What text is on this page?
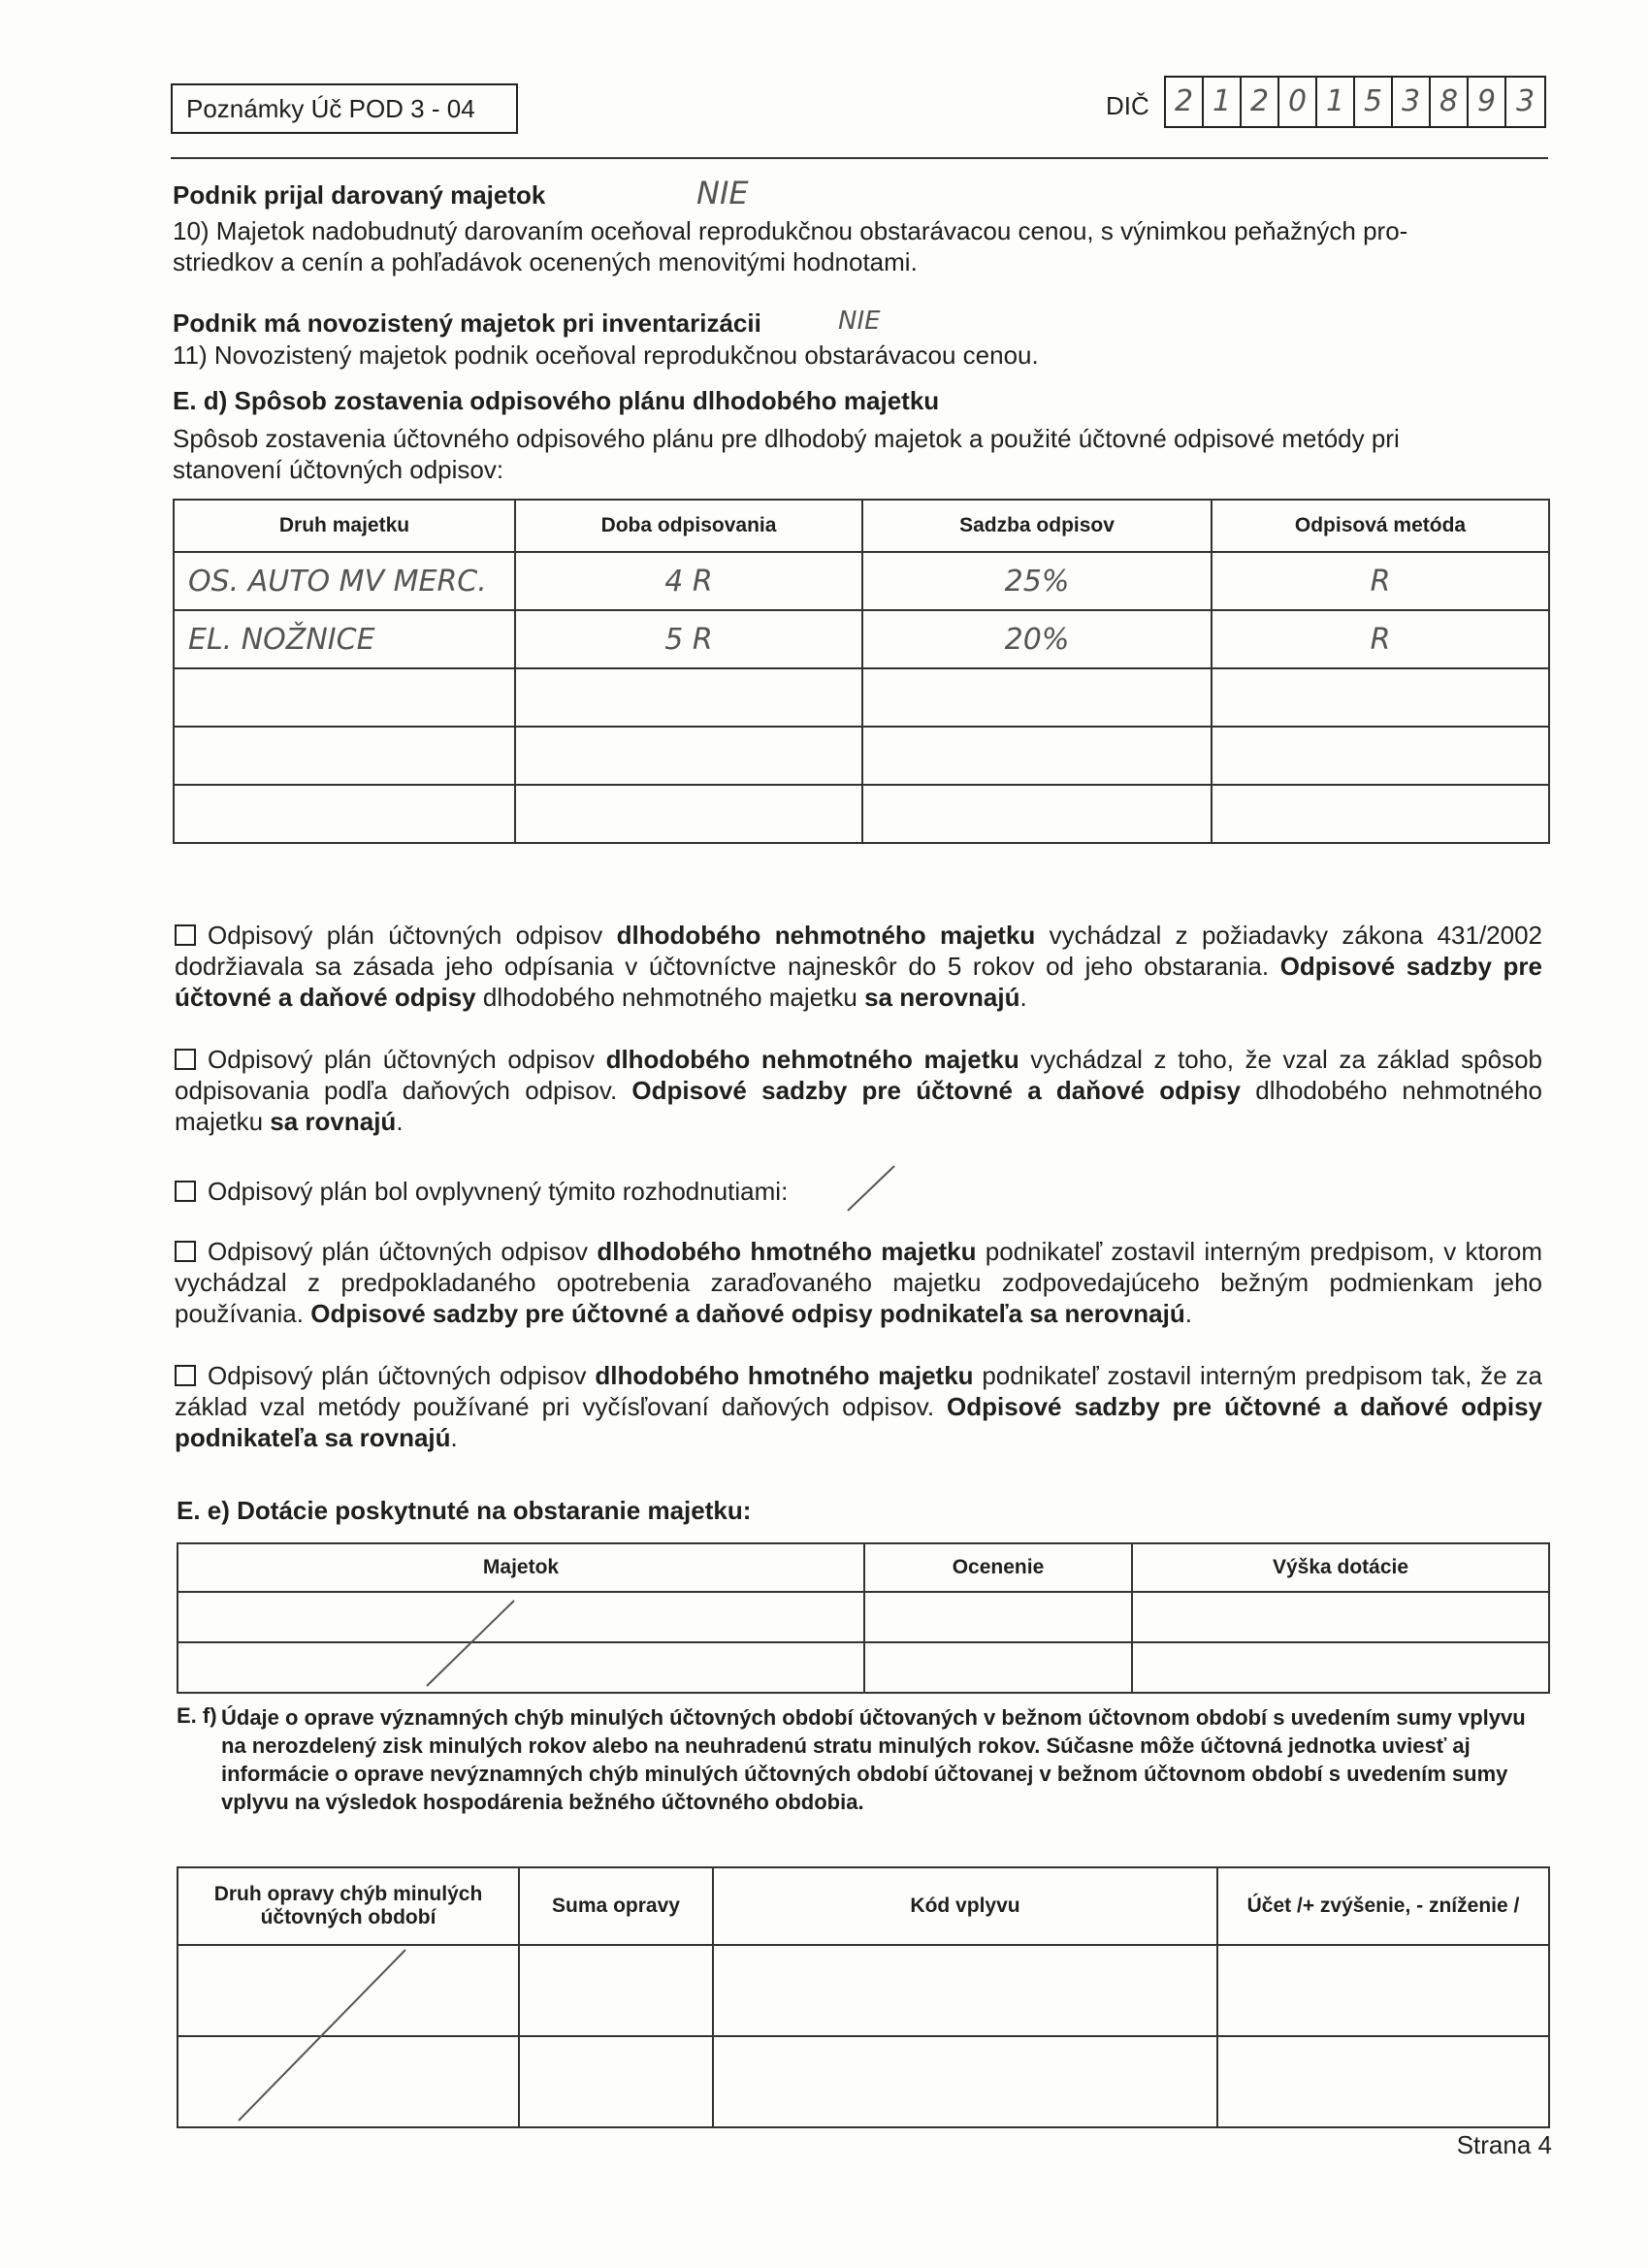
Poznámky Úč POD 3 - 04	DIČ 2 1 2 0 1 5 3 8 9 3
Podnik prijal darovaný majetok	NIE
10) Majetok nadobudnutý darovaním oceňoval reprodukčnou obstarávacou cenou, s výnimkou peňažných pro-striedkov a cenín a pohľadávok ocenených menovitými hodnotami.
Podnik má novozistený majetok pri inventarizácii	NIE
11) Novozistený majetok podnik oceňoval reprodukčnou obstarávacou cenou.
E. d) Spôsob zostavenia odpisového plánu dlhodobého majetku
Spôsob zostavenia účtovného odpisového plánu pre dlhodobý majetok a použité účtovné odpisové metódy pri stanovení účtovných odpisov:
Druh majetku	Doba odpisovania	Sadzba odpisov	Odpisová metóda
OS. AUTO MV MERC.	4 R	25%	R
EL. NOŽNICE	5 R	20%	R

Odpisový plán účtovných odpisov dlhodobého nehmotného majetku vychádzal z požiadavky zákona 431/2002 dodržiavala sa zásada jeho odpísania v účtovníctve najneskôr do 5 rokov od jeho obstarania. Odpisové sadzby pre účtovné a daňové odpisy dlhodobého nehmotného majetku sa nerovnajú.
Odpisový plán účtovných odpisov dlhodobého nehmotného majetku vychádzal z toho, že vzal za základ spôsob odpisovania podľa daňových odpisov. Odpisové sadzby pre účtovné a daňové odpisy dlhodobého nehmotného majetku sa rovnajú.
Odpisový plán bol ovplyvnený týmito rozhodnutiami:
Odpisový plán účtovných odpisov dlhodobého hmotného majetku podnikateľ zostavil interným predpisom, v ktorom vychádzal z predpokladaného opotrebenia zaraďovaného majetku zodpovedajúceho bežným podmienkam jeho používania. Odpisové sadzby pre účtovné a daňové odpisy podnikateľa sa nerovnajú.
Odpisový plán účtovných odpisov dlhodobého hmotného majetku podnikateľ zostavil interným predpisom tak, že za základ vzal metódy používané pri vyčísľovaní daňových odpisov. Odpisové sadzby pre účtovné a daňové odpisy podnikateľa sa rovnajú.
E. e) Dotácie poskytnuté na obstaranie majetku:
Majetok	Ocenenie	Výška dotácie

E. f) Údaje o oprave významných chýb minulých účtovných období účtovaných v bežnom účtovnom období s uvedením sumy vplyvu na nerozdelený zisk minulých rokov alebo na neuhradenú stratu minulých rokov. Súčasne môže účtovná jednotka uviesť aj informácie o oprave nevýznamných chýb minulých účtovných období účtovanej v bežnom účtovnom období s uvedením sumy vplyvu na výsledok hospodárenia bežného účtovného obdobia.
Druh opravy chýb minulých účtovných období	Suma opravy	Kód vplyvu	Účet /+ zvýšenie, - zníženie /

Strana 4
